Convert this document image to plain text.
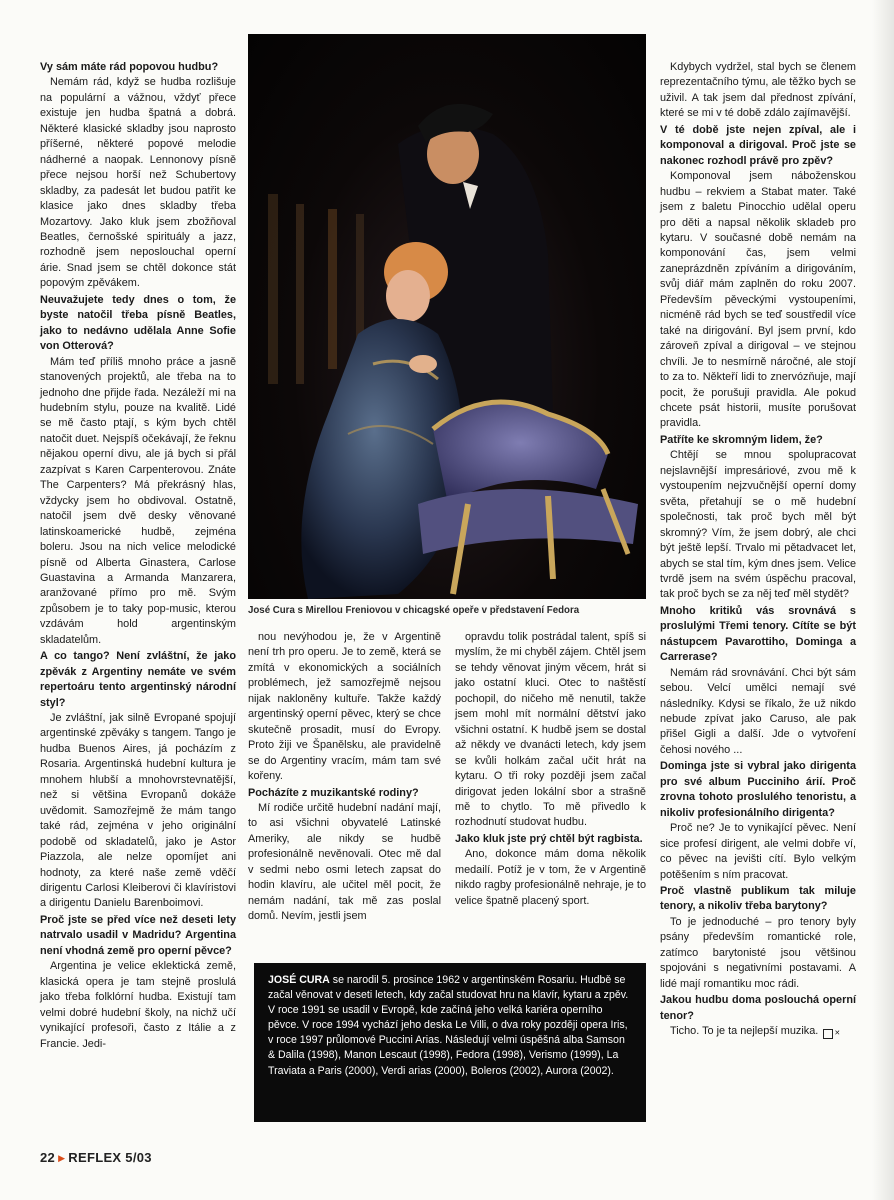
Vy sám máte rád popovou hudbu?

Nemám rád, když se hudba rozlišuje na populární a vážnou, vždyť přece existuje jen hudba špatná a dobrá. Některé klasické skladby jsou naprosto příšerné, některé popové melodie nádherné a naopak. Lennonovy písně přece nejsou horší než Schubertovy skladby, za padesát let budou patřit ke klasice jako dnes skladby třeba Mozartovy. Jako kluk jsem zbožňoval Beatles, černošské spirituály a jazz, rozhodně jsem neposlouchal operní árie. Snad jsem se chtěl dokonce stát popovým zpěvákem.

Neuvažujete tedy dnes o tom, že byste natočil třeba písně Beatles, jako to nedávno udělala Anne Sofie von Otterová?

Mám teď příliš mnoho práce a jasně stanovených projektů, ale třeba na to jednoho dne přijde řada. Nezáleží mi na hudebním stylu, pouze na kvalitě. Lidé se mě často ptají, s kým bych chtěl natočit duet. Nejspíš očekávají, že řeknu nějakou operní divu, ale já bych si přál zazpívat s Karen Carpenterovou. Znáte The Carpenters? Má překrásný hlas, vždycky jsem ho obdivoval. Ostatně, natočil jsem dvě desky věnované latinskoamerické hudbě, zejména boleru. Jsou na nich velice melodické písně od Alberta Ginastera, Carlose Guastavina a Armanda Manzarera, aranžované přímo pro mě. Svým způsobem je to taky pop-music, kterou vzdávám hold argentinským skladatelům.

A co tango? Není zvláštní, že jako zpěvák z Argentiny nemáte ve svém repertoáru tento argentinský národní styl?

Je zvláštní, jak silně Evropané spojují argentinské zpěváky s tangem. Tango je hudba Buenos Aires, já pocházím z Rosaria. Argentinská hudební kultura je mnohem hlubší a mnohovrstevnatější, než si většina Evropanů dokáže uvědomit. Samozřejmě že mám tango také rád, zejména v jeho originální podobě od skladatelů, jako je Astor Piazzola, ale nelze opomíjet ani hodnoty, za které naše země vděčí dirigentu Carlosi Kleiberovi či klavíristovi a dirigentu Danielu Barenboimovi.

Proč jste se před více než deseti lety natrvalo usadil v Madridu? Argentina není vhodná země pro operní pěvce?

Argentina je velice eklektická země, klasická opera je tam stejně proslulá jako třeba folklórní hudba. Existují tam velmi dobré hudební školy, na nichž učí vynikající profesoři, často z Itálie a z Francie. Jedi-

nou nevýhodou je, že v Argentině není trh pro operu. Je to země, která se zmítá v ekonomických a sociálních problémech, jež samozřejmě nejsou nijak nakloněny kultuře. Takže každý argentinský operní pěvec, který se chce skutečně prosadit, musí do Evropy. Proto žiji ve Španělsku, ale pravidelně se do Argentiny vracím, mám tam své kořeny.

Pocházíte z muzikantské rodiny?

Mí rodiče určitě hudební nadání mají, to asi všichni obyvatelé Latinské Ameriky, ale nikdy se hudbě profesionálně nevěnovali. Otec mě dal v sedmi nebo osmi letech zapsat do hodin klavíru, ale učitel měl pocit, že nemám nadání, tak mě zas poslal domů. Nevím, jestli jsem

opravdu tolik postrádal talent, spíš si myslím, že mi chyběl zájem. Chtěl jsem se tehdy věnovat jiným věcem, hrát si jako ostatní kluci. Otec to naštěstí pochopil, do ničeho mě nenutil, takže jsem mohl mít normální dětství jako všichni ostatní. K hudbě jsem se dostal až někdy ve dvanácti letech, kdy jsem se kvůli holkám začal učit hrát na kytaru. O tři roky později jsem začal dirigovat jeden lokální sbor a strašně mě to chytlo. To mě přivedlo k rozhodnutí studovat hudbu.

Jako kluk jste prý chtěl být ragbista.

Ano, dokonce mám doma několik medailí. Potíž je v tom, že v Argentině nikdo ragby profesionálně nehraje, je to velice špatně placený sport.

Kdybych vydržel, stal bych se členem reprezentačního týmu, ale těžko bych se uživil. A tak jsem dal přednost zpívání, které se mi v té době zdálo zajímavější.

V té době jste nejen zpíval, ale i komponoval a dirigoval. Proč jste se nakonec rozhodl právě pro zpěv?

Komponoval jsem náboženskou hudbu – rekviem a Stabat mater. Také jsem z baletu Pinocchio udělal operu pro děti a napsal několik skladeb pro kytaru. V současné době nemám na komponování čas, jsem velmi zaneprázdněn zpíváním a dirigováním, svůj diář mám zaplněn do roku 2007. Především pěveckými vystoupeními, nicméně rád bych se teď soustředil více také na dirigování. Byl jsem první, kdo zároveň zpíval a dirigoval – ve stejnou chvíli. Je to nesmírně náročné, ale stojí to za to. Někteří lidi to znervózňuje, mají pocit, že porušuji pravidla. Ale pokud chcete psát historii, musíte porušovat pravidla.

Patříte ke skromným lidem, že?

Chtějí se mnou spolupracovat nejslavnější impresáriové, zvou mě k vystoupením nejzvučnější operní domy světa, přetahují se o mě hudební společnosti, tak proč bych měl být skromný? Vím, že jsem dobrý, ale chci být ještě lepší. Trvalo mi pětadvacet let, abych se stal tím, kým dnes jsem. Velice tvrdě jsem na svém úspěchu pracoval, tak proč bych se za něj teď měl stydět?

Mnoho kritiků vás srovnává s proslulými Třemi tenory. Cítíte se být nástupcem Pavarottiho, Dominga a Carrerase?

Nemám rád srovnávání. Chci být sám sebou. Velcí umělci nemají své následníky. Kdysi se říkalo, že už nikdo nebude zpívat jako Caruso, ale pak přišel Gigli a další. Jde o vytvoření čehosi nového ...

Dominga jste si vybral jako dirigenta pro své album Pucciniho árií. Proč zrovna tohoto proslulého tenoristu, a nikoliv profesionálního dirigenta?

Proč ne? Je to vynikající pěvec. Není sice profesí dirigent, ale velmi dobře ví, co pěvec na jevišti cítí. Bylo velkým potěšením s ním pracovat.

Proč vlastně publikum tak miluje tenory, a nikoliv třeba barytony?

To je jednoduché – pro tenory byly psány především romantické role, zatímco barytonisté jsou většinou spojováni s negativními postavami. A lidé mají romantiku moc rádi.

Jakou hudbu doma poslouchá operní tenor?

Ticho. To je ta nejlepší muzika. ✕

José Cura s Mirellou Freniovou v chicagské opeře v představení Fedora
JOSÉ CURA se narodil 5. prosince 1962 v argentinském Rosariu. Hudbě se začal věnovat v deseti letech, kdy začal studovat hru na klavír, kytaru a zpěv. V roce 1991 se usadil v Evropě, kde začíná jeho velká kariéra operního pěvce. V roce 1994 vychází jeho deska Le Villi, o dva roky později opera Iris, v roce 1997 průlomové Puccini Arias. Následují velmi úspěšná alba Samson & Dalila (1998), Manon Lescaut (1998), Fedora (1998), Verismo (1999), La Traviata a Paris (2000), Verdi arias (2000), Boleros (2002), Aurora (2002).
22 ▶ REFLEX 5/03
